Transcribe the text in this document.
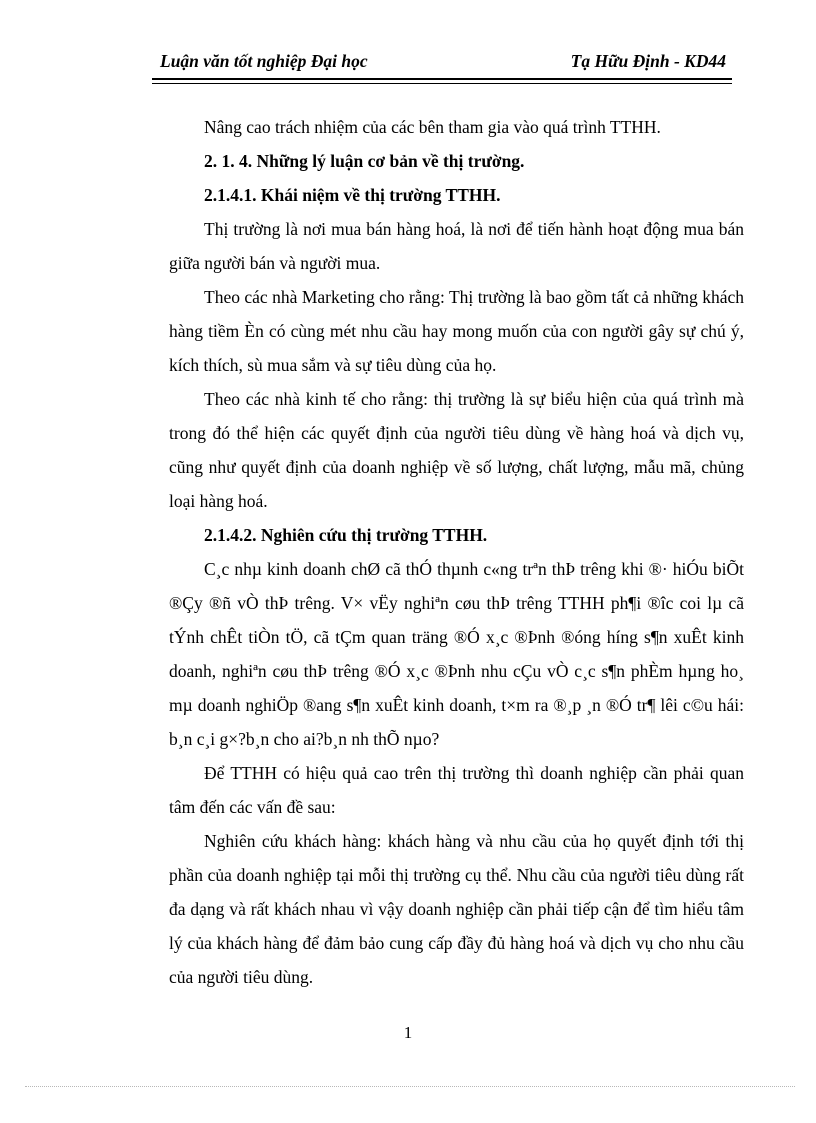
Luận văn tốt nghiệp Đại học	Tạ Hữu Định - KD44

Nâng cao trách nhiệm của các bên tham gia vào quá trình TTHH.

2. 1. 4. Những lý luận cơ bản về thị trường.

2.1.4.1. Khái niệm về thị trường TTHH.

Thị trường là nơi mua bán hàng hoá, là nơi để tiến hành hoạt động mua bán giữa người bán và người mua.

Theo các nhà Marketing cho rằng: Thị trường là bao gồm tất cả những khách hàng tiềm Èn có cùng mét nhu cầu hay mong muốn của con người gây sự chú ý, kích thích, sù mua sắm và sự tiêu dùng của họ.

Theo các nhà kinh tế cho rằng: thị trường là sự biểu hiện của quá trình mà trong đó thể hiện các quyết định của người tiêu dùng về hàng hoá và dịch vụ, cũng như quyết định của doanh nghiệp về số lượng, chất lượng, mẫu mã, chủng loại hàng hoá.

2.1.4.2. Nghiên cứu thị trường TTHH.

C¸c nhµ kinh doanh chØ cã thÓ thµnh c«ng trªn thÞ trêng khi ®· hiÓu biÕt ®Çy ®ñ vÒ thÞ trêng. V× vËy nghiªn cøu thÞ trêng TTHH ph¶i ®îc coi lµ cã tÝnh chÊt tiÒn tÖ, cã tÇm quan träng ®Ó x¸c ®Þnh ®óng híng s¶n xuÊt kinh doanh, nghiªn cøu thÞ trêng ®Ó x¸c ®Þnh nhu cÇu vÒ c¸c s¶n phÈm hµng ho¸ mµ doanh nghiÖp ®ang s¶n xuÊt kinh doanh, t×m ra ®¸p ¸n ®Ó tr¶ lêi c©u hái: b¸n c¸i g×?b¸n cho ai?b¸n nh thÕ nµo?

Để TTHH có hiệu quả cao trên thị trường thì doanh nghiệp cần phải quan tâm đến các vấn đề sau:

Nghiên cứu khách hàng: khách hàng và nhu cầu của họ quyết định tới thị phần của doanh nghiệp tại mỗi thị trường cụ thể. Nhu cầu của người tiêu dùng rất đa dạng và rất khách nhau vì vậy doanh nghiệp cần phải tiếp cận để tìm hiểu tâm lý của khách hàng để đảm bảo cung cấp đầy đủ hàng hoá và dịch vụ cho nhu cầu của người tiêu dùng.

1
